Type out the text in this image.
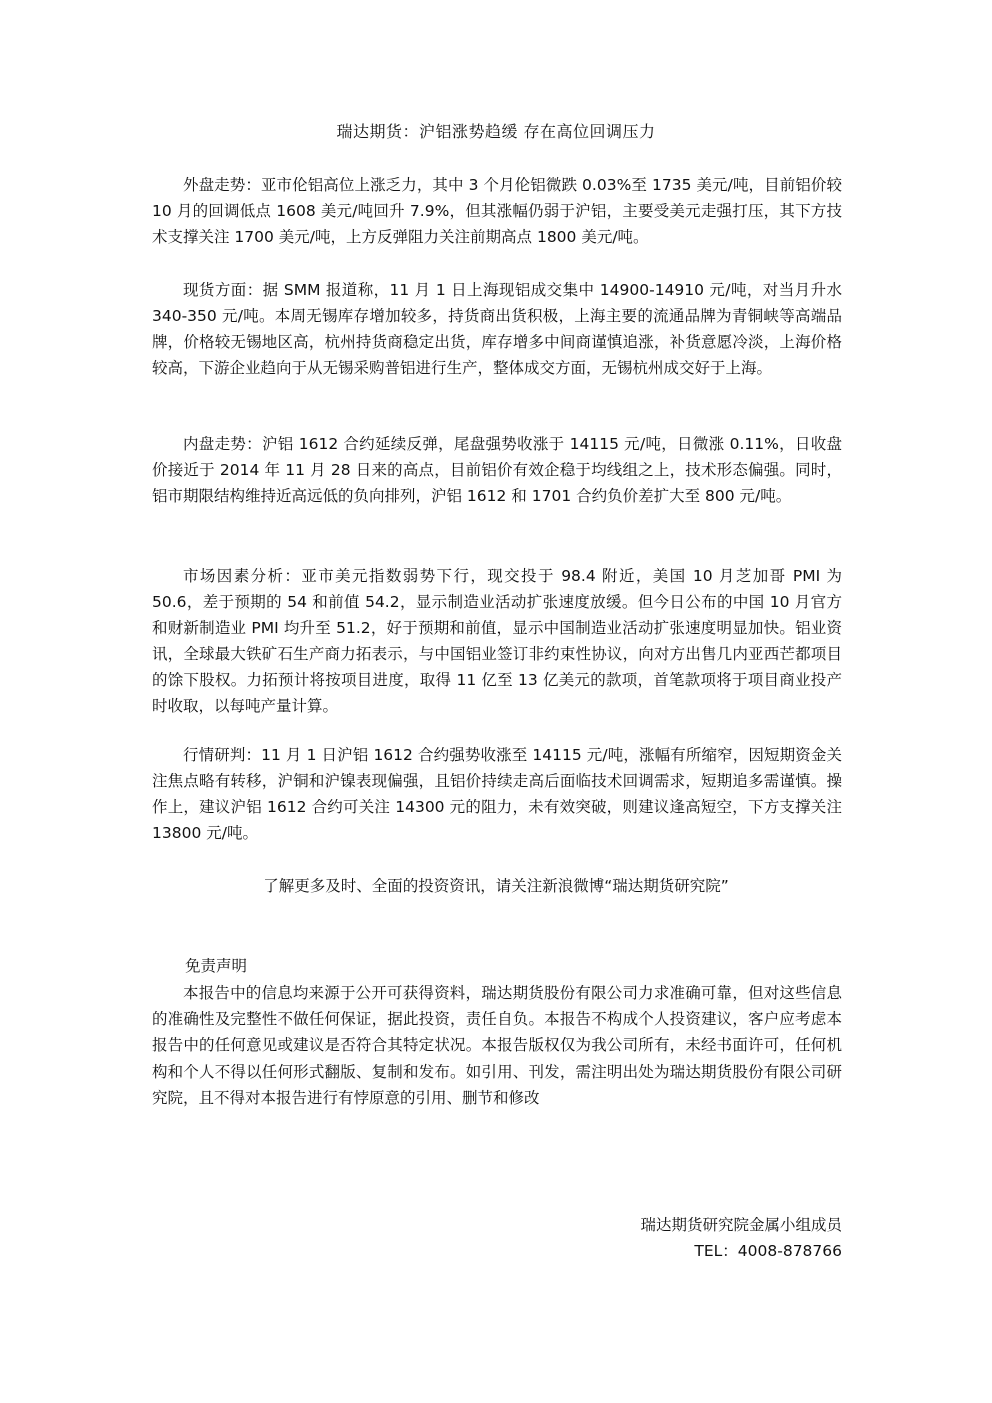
瑞达期货：沪铝涨势趋缓 存在高位回调压力

外盘走势：亚市伦铝高位上涨乏力，其中 3 个月伦铝微跌 0.03%至 1735 美元/吨，目前铝价较 10 月的回调低点 1608 美元/吨回升 7.9%，但其涨幅仍弱于沪铝，主要受美元走强打压，其下方技术支撑关注 1700 美元/吨，上方反弹阻力关注前期高点 1800 美元/吨。

现货方面：据 SMM 报道称，11 月 1 日上海现铝成交集中 14900-14910 元/吨，对当月升水 340-350 元/吨。本周无锡库存增加较多，持货商出货积极，上海主要的流通品牌为青铜峡等高端品牌，价格较无锡地区高，杭州持货商稳定出货，库存增多中间商谨慎追涨，补货意愿冷淡，上海价格较高，下游企业趋向于从无锡采购普铝进行生产，整体成交方面，无锡杭州成交好于上海。

内盘走势：沪铝 1612 合约延续反弹，尾盘强势收涨于 14115 元/吨，日微涨 0.11%，日收盘价接近于 2014 年 11 月 28 日来的高点，目前铝价有效企稳于均线组之上，技术形态偏强。同时，铝市期限结构维持近高远低的负向排列，沪铝 1612 和 1701 合约负价差扩大至 800 元/吨。

市场因素分析：亚市美元指数弱势下行，现交投于 98.4 附近，美国 10 月芝加哥 PMI 为 50.6，差于预期的 54 和前值 54.2，显示制造业活动扩张速度放缓。但今日公布的中国 10 月官方和财新制造业 PMI 均升至 51.2，好于预期和前值，显示中国制造业活动扩张速度明显加快。铝业资讯，全球最大铁矿石生产商力拓表示，与中国铝业签订非约束性协议，向对方出售几内亚西芒都项目的馀下股权。力拓预计将按项目进度，取得 11 亿至 13 亿美元的款项，首笔款项将于项目商业投产时收取，以每吨产量计算。

行情研判：11 月 1 日沪铝 1612 合约强势收涨至 14115 元/吨，涨幅有所缩窄，因短期资金关注焦点略有转移，沪铜和沪镍表现偏强，且铝价持续走高后面临技术回调需求，短期追多需谨慎。操作上，建议沪铝 1612 合约可关注 14300 元的阻力，未有效突破，则建议逢高短空，下方支撑关注 13800 元/吨。

了解更多及时、全面的投资资讯，请关注新浪微博“瑞达期货研究院”
免责声明

本报告中的信息均来源于公开可获得资料，瑞达期货股份有限公司力求准确可靠，但对这些信息的准确性及完整性不做任何保证，据此投资，责任自负。本报告不构成个人投资建议，客户应考虑本报告中的任何意见或建议是否符合其特定状况。本报告版权仅为我公司所有，未经书面许可，任何机构和个人不得以任何形式翻版、复制和发布。如引用、刊发，需注明出处为瑞达期货股份有限公司研究院，且不得对本报告进行有悖原意的引用、删节和修改

瑞达期货研究院金属小组成员
TEL：4008-878766
